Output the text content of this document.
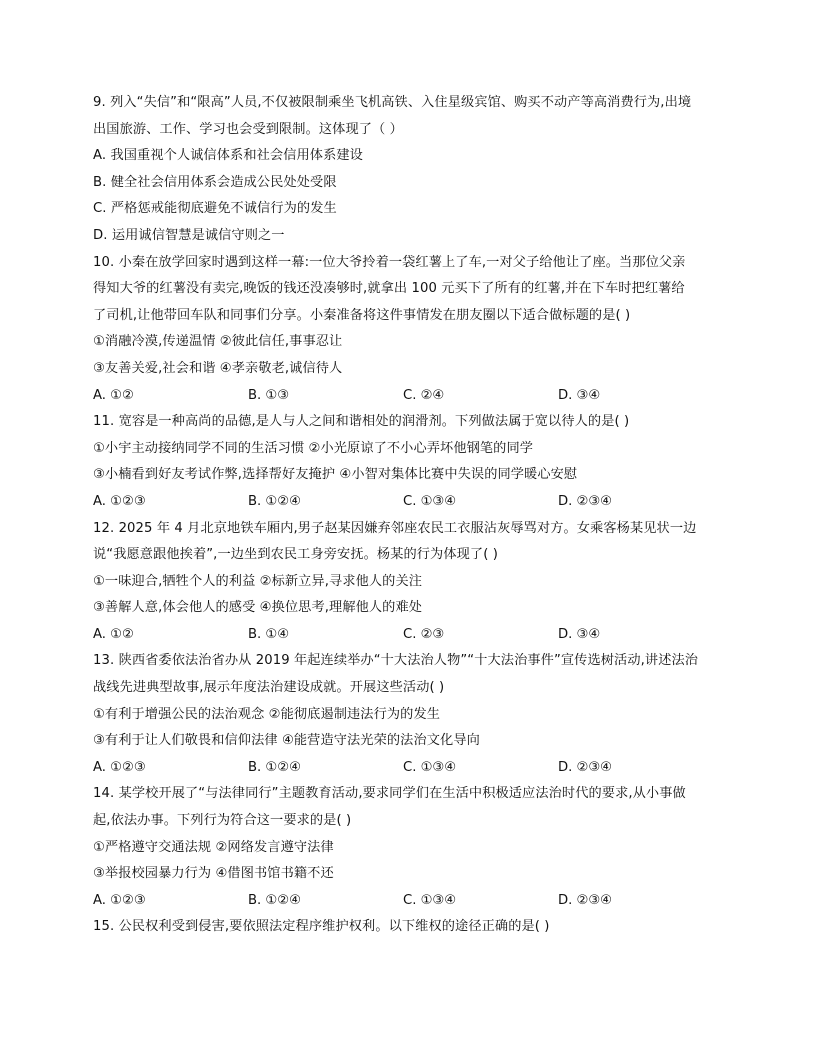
9. 列入“失信”和“限高”人员,不仅被限制乘坐飞机高铁、入住星级宾馆、购买不动产等高消费行为,出境
出国旅游、工作、学习也会受到限制。这体现了（ ）
A. 我国重视个人诚信体系和社会信用体系建设
B. 健全社会信用体系会造成公民处处受限
C. 严格惩戒能彻底避免不诚信行为的发生
D. 运用诚信智慧是诚信守则之一
10. 小秦在放学回家时遇到这样一幕:一位大爷拎着一袋红薯上了车,一对父子给他让了座。当那位父亲
得知大爷的红薯没有卖完,晚饭的钱还没凑够时,就拿出 100 元买下了所有的红薯,并在下车时把红薯给
了司机,让他带回车队和同事们分享。小秦准备将这件事情发在朋友圈以下适合做标题的是( )
①消融冷漠,传递温情 ②彼此信任,事事忍让
③友善关爱,社会和谐 ④孝亲敬老,诚信待人
A. ①②	B. ①③	C. ②④	D. ③④
11. 宽容是一种高尚的品德,是人与人之间和谐相处的润滑剂。下列做法属于宽以待人的是( )
①小宇主动接纳同学不同的生活习惯 ②小光原谅了不小心弄坏他钢笔的同学
③小楠看到好友考试作弊,选择帮好友掩护 ④小智对集体比赛中失误的同学暖心安慰
A. ①②③	B. ①②④	C. ①③④	D. ②③④
12. 2025 年 4 月北京地铁车厢内,男子赵某因嫌弃邻座农民工衣服沾灰辱骂对方。女乘客杨某见状一边
说“我愿意跟他挨着”,一边坐到农民工身旁安抚。杨某的行为体现了( )
①一味迎合,牺牲个人的利益 ②标新立异,寻求他人的关注
③善解人意,体会他人的感受 ④换位思考,理解他人的难处
A. ①②	B. ①④	C. ②③	D. ③④
13. 陕西省委依法治省办从 2019 年起连续举办“十大法治人物”“十大法治事件”宣传选树活动,讲述法治
战线先进典型故事,展示年度法治建设成就。开展这些活动( )
①有利于增强公民的法治观念 ②能彻底遏制违法行为的发生
③有利于让人们敬畏和信仰法律 ④能营造守法光荣的法治文化导向
A. ①②③	B. ①②④	C. ①③④	D. ②③④
14. 某学校开展了“与法律同行”主题教育活动,要求同学们在生活中积极适应法治时代的要求,从小事做
起,依法办事。下列行为符合这一要求的是( )
①严格遵守交通法规 ②网络发言遵守法律
③举报校园暴力行为 ④借图书馆书籍不还
A. ①②③	B. ①②④	C. ①③④	D. ②③④
15. 公民权利受到侵害,要依照法定程序维护权利。以下维权的途径正确的是( )
